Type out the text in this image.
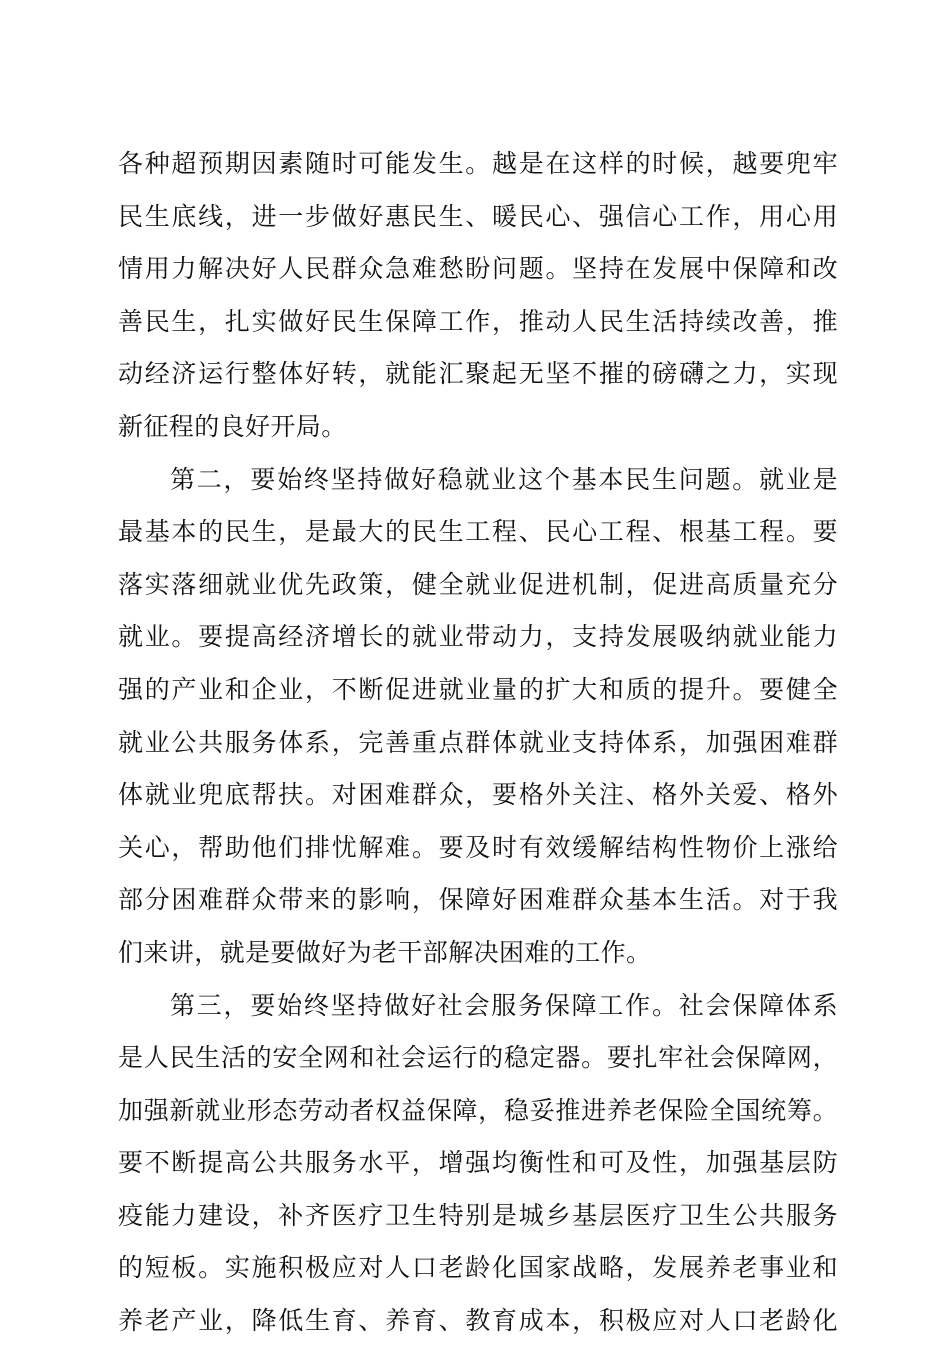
各种超预期因素随时可能发生。越是在这样的时候，越要兜牢
民生底线，进一步做好惠民生、暖民心、强信心工作，用心用
情用力解决好人民群众急难愁盼问题。坚持在发展中保障和改
善民生，扎实做好民生保障工作，推动人民生活持续改善，推
动经济运行整体好转，就能汇聚起无坚不摧的磅礴之力，实现
新征程的良好开局。

第二，要始终坚持做好稳就业这个基本民生问题。就业是
最基本的民生，是最大的民生工程、民心工程、根基工程。要
落实落细就业优先政策，健全就业促进机制，促进高质量充分
就业。要提高经济增长的就业带动力，支持发展吸纳就业能力
强的产业和企业，不断促进就业量的扩大和质的提升。要健全
就业公共服务体系，完善重点群体就业支持体系，加强困难群
体就业兜底帮扶。对困难群众，要格外关注、格外关爱、格外
关心，帮助他们排忧解难。要及时有效缓解结构性物价上涨给
部分困难群众带来的影响，保障好困难群众基本生活。对于我
们来讲，就是要做好为老干部解决困难的工作。

第三，要始终坚持做好社会服务保障工作。社会保障体系
是人民生活的安全网和社会运行的稳定器。要扎牢社会保障网，
加强新就业形态劳动者权益保障，稳妥推进养老保险全国统筹。
要不断提高公共服务水平，增强均衡性和可及性，加强基层防
疫能力建设，补齐医疗卫生特别是城乡基层医疗卫生公共服务
的短板。实施积极应对人口老龄化国家战略，发展养老事业和
养老产业，降低生育、养育、教育成本，积极应对人口老龄化
